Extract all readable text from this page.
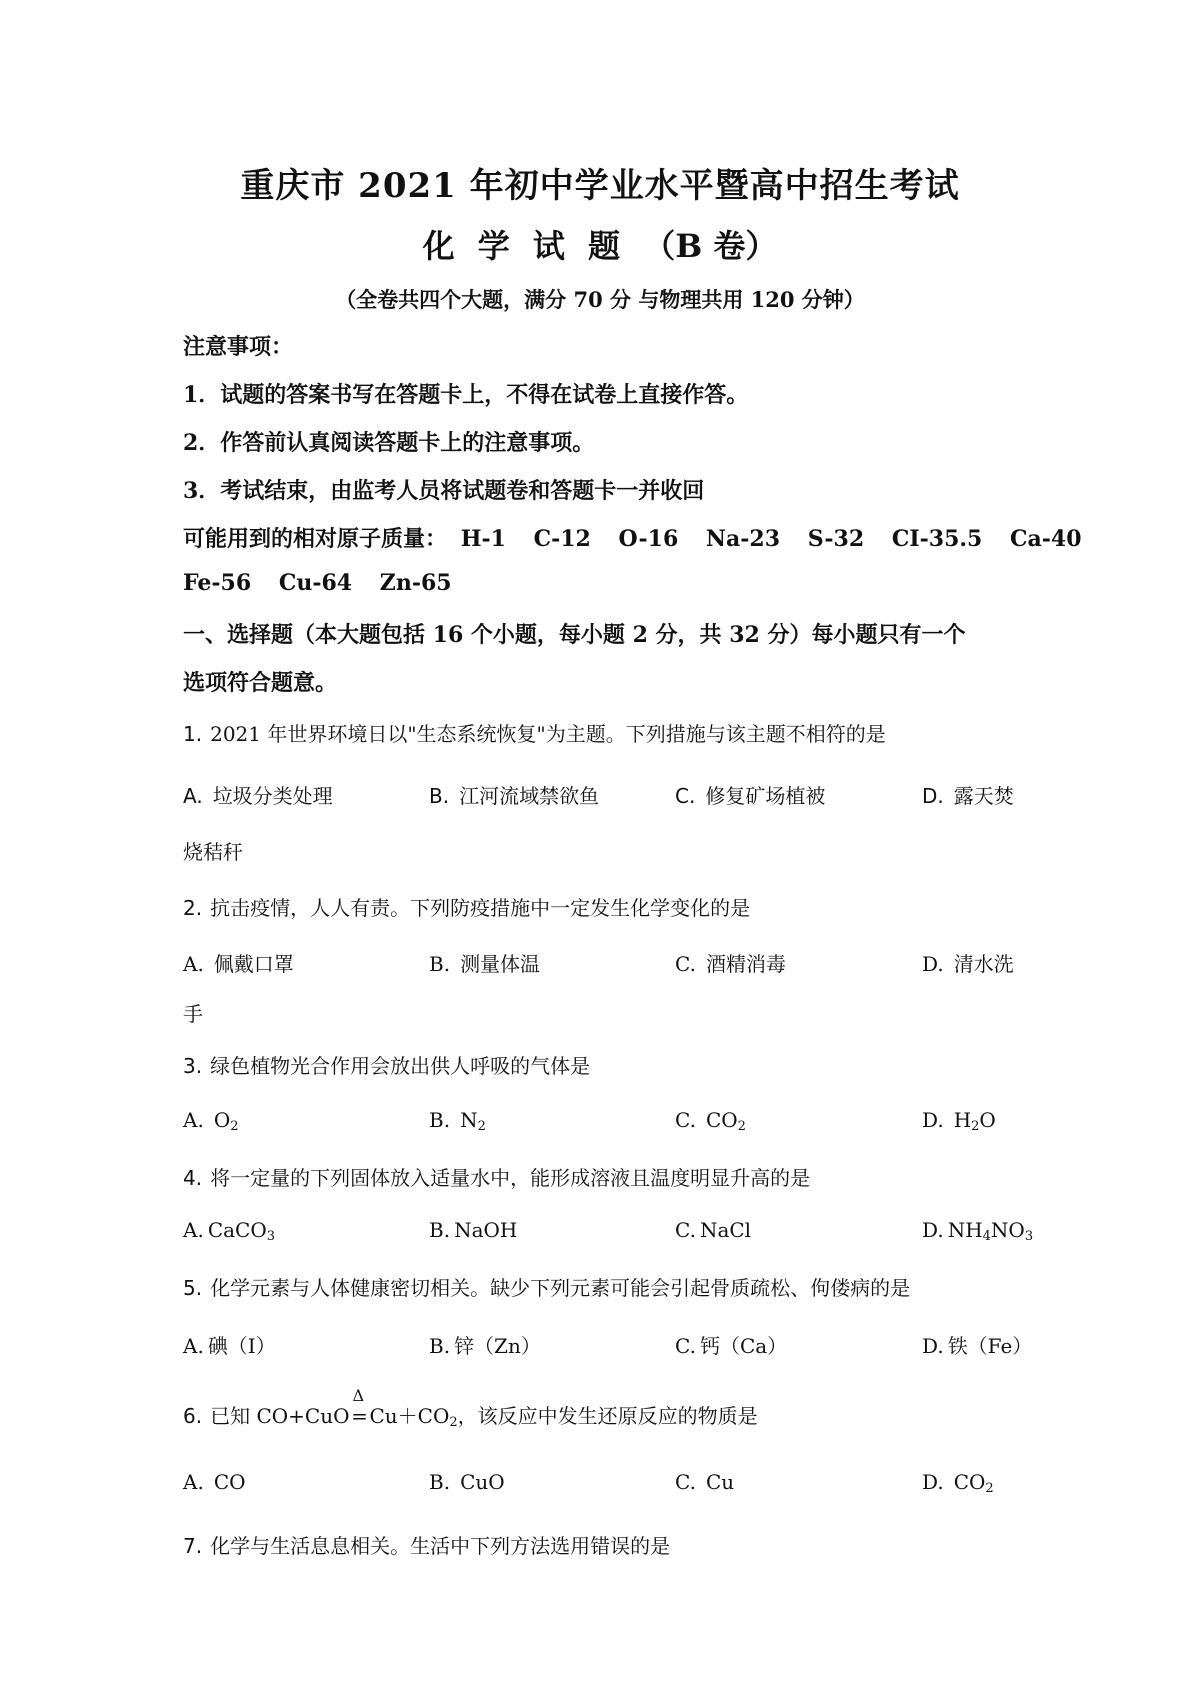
重庆市 2021 年初中学业水平暨高中招生考试
化 学 试 题 （B 卷）
（全卷共四个大题，满分 70 分 与物理共用 120 分钟）
注意事项：
1．试题的答案书写在答题卡上，不得在试卷上直接作答。
2．作答前认真阅读答题卡上的注意事项。
3．考试结束，由监考人员将试题卷和答题卡一并收回
可能用到的相对原子质量： H-1 C-12 O-16 Na-23 S-32 CI-35.5 Ca-40
Fe-56 Cu-64 Zn-65
一、选择题（本大题包括 16 个小题，每小题 2 分，共 32 分）每小题只有一个
选项符合题意。
1. 2021 年世界环境日以"生态系统恢复"为主题。下列措施与该主题不相符的是
A. 垃圾分类处理	B. 江河流域禁欲鱼	C. 修复矿场植被	D. 露天焚
烧秸秆
2. 抗击疫情，人人有责。下列防疫措施中一定发生化学变化的是
A. 佩戴口罩	B. 测量体温	C. 酒精消毒	D. 清水洗
手
3. 绿色植物光合作用会放出供人呼吸的气体是
A. $O_2$	B. $N_2$	C. $CO_2$	D. $H_2O$
4. 将一定量的下列固体放入适量水中，能形成溶液且温度明显升高的是
A. CaCO$_3$	B. NaOH	C. NaCl	D. $NH_4NO_3$
5. 化学元素与人体健康密切相关。缺少下列元素可能会引起骨质疏松、佝偻病的是
A. 碘（I）	B. 锌（Zn）	C. 钙（Ca）	D. 铁（Fe）
6. 已知 CO+CuO
Δ
$=Cu+CO_2$，该反应中发生还原反应的物质是
A. CO	B. CuO	C. Cu	D. $CO_2$
7. 化学与生活息息相关。生活中下列方法选用错误的是
